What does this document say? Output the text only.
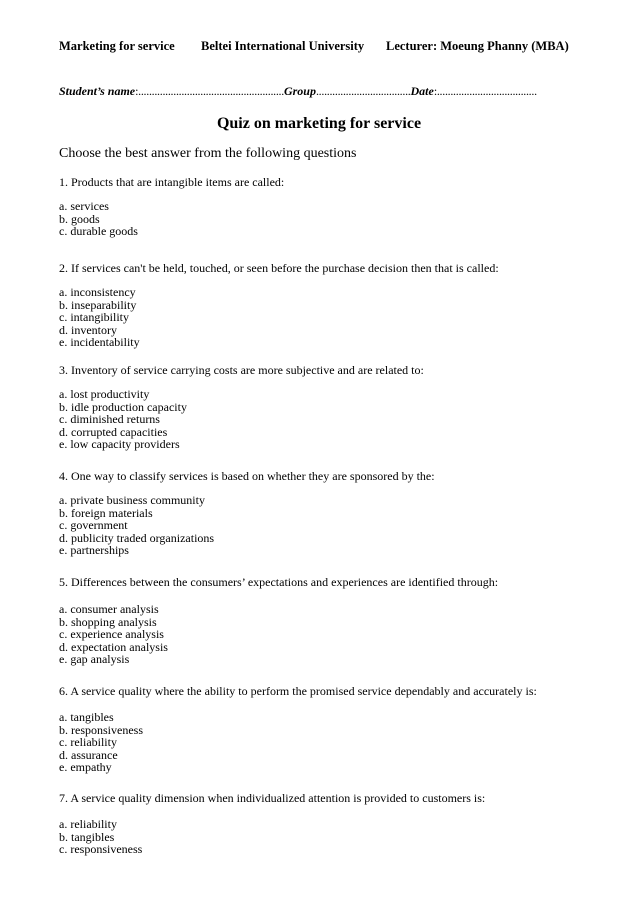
Marketing for service Beltei International University Lecturer: Moeung Phanny (MBA)
Student’s name:......................................................Group...................................Date:.....................................
Quiz on marketing for service
Choose the best answer from the following questions
1. Products that are intangible items are called:
a. services
b. goods
c. durable goods
2. If services can't be held, touched, or seen before the purchase decision then that is called:
a. inconsistency
b. inseparability
c. intangibility
d. inventory
e. incidentability
3. Inventory of service carrying costs are more subjective and are related to:
a. lost productivity
b. idle production capacity
c. diminished returns
d. corrupted capacities
e. low capacity providers
4. One way to classify services is based on whether they are sponsored by the:
a. private business community
b. foreign materials
c. government
d. publicity traded organizations
e. partnerships
5. Differences between the consumers’ expectations and experiences are identified through:
a. consumer analysis
b. shopping analysis
c. experience analysis
d. expectation analysis
e. gap analysis
6. A service quality where the ability to perform the promised service dependably and accurately is:
a. tangibles
b. responsiveness
c. reliability
d. assurance
e. empathy
7. A service quality dimension when individualized attention is provided to customers is:
a. reliability
b. tangibles
c. responsiveness
